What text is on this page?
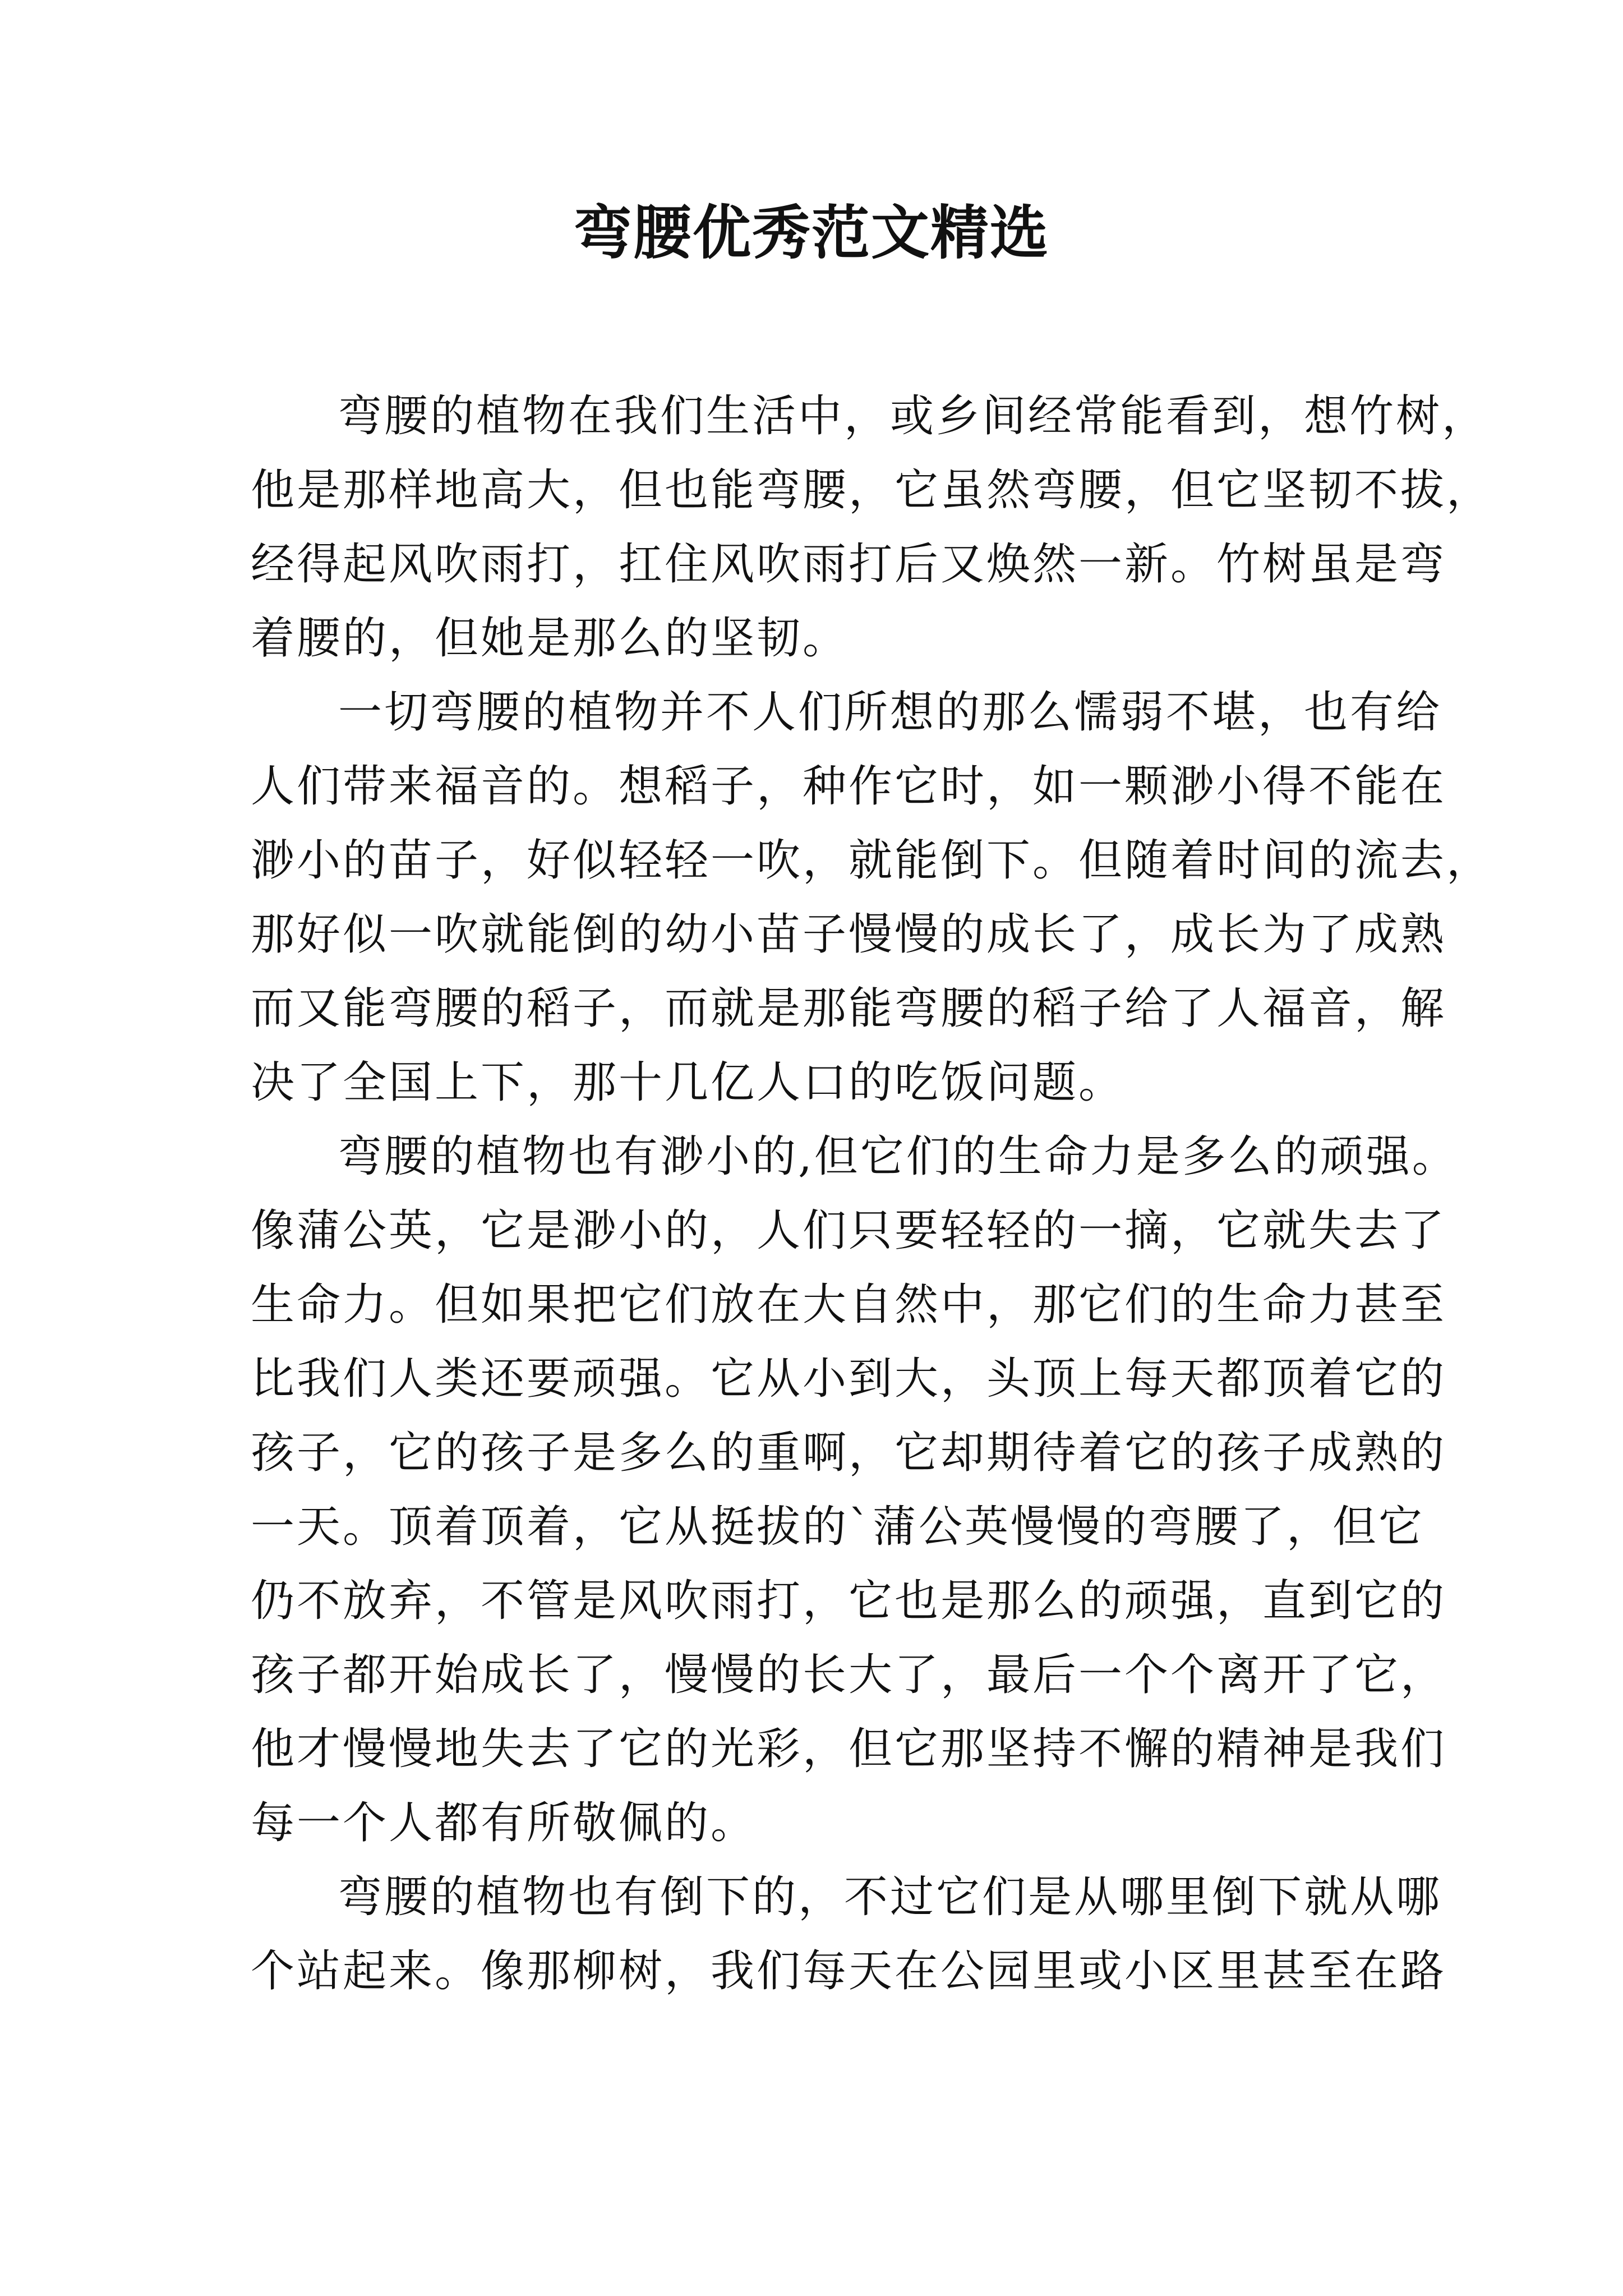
弯腰优秀范文精选
弯腰的植物在我们生活中，或乡间经常能看到，想竹树，
他是那样地高大，但也能弯腰，它虽然弯腰，但它坚韧不拔，
经得起风吹雨打，扛住风吹雨打后又焕然一新。竹树虽是弯
着腰的，但她是那么的坚韧。
一切弯腰的植物并不人们所想的那么懦弱不堪，也有给
人们带来福音的。想稻子，种作它时，如一颗渺小得不能在
渺小的苗子，好似轻轻一吹，就能倒下。但随着时间的流去，
那好似一吹就能倒的幼小苗子慢慢的成长了，成长为了成熟
而又能弯腰的稻子，而就是那能弯腰的稻子给了人福音，解
决了全国上下，那十几亿人口的吃饭问题。
弯腰的植物也有渺小的,但它们的生命力是多么的顽强。
像蒲公英，它是渺小的，人们只要轻轻的一摘，它就失去了
生命力。但如果把它们放在大自然中，那它们的生命力甚至
比我们人类还要顽强。它从小到大，头顶上每天都顶着它的
孩子，它的孩子是多么的重啊，它却期待着它的孩子成熟的
一天。顶着顶着，它从挺拔的`蒲公英慢慢的弯腰了，但它
仍不放弃，不管是风吹雨打，它也是那么的顽强，直到它的
孩子都开始成长了，慢慢的长大了，最后一个个离开了它，
他才慢慢地失去了它的光彩，但它那坚持不懈的精神是我们
每一个人都有所敬佩的。
弯腰的植物也有倒下的，不过它们是从哪里倒下就从哪
个站起来。像那柳树，我们每天在公园里或小区里甚至在路
